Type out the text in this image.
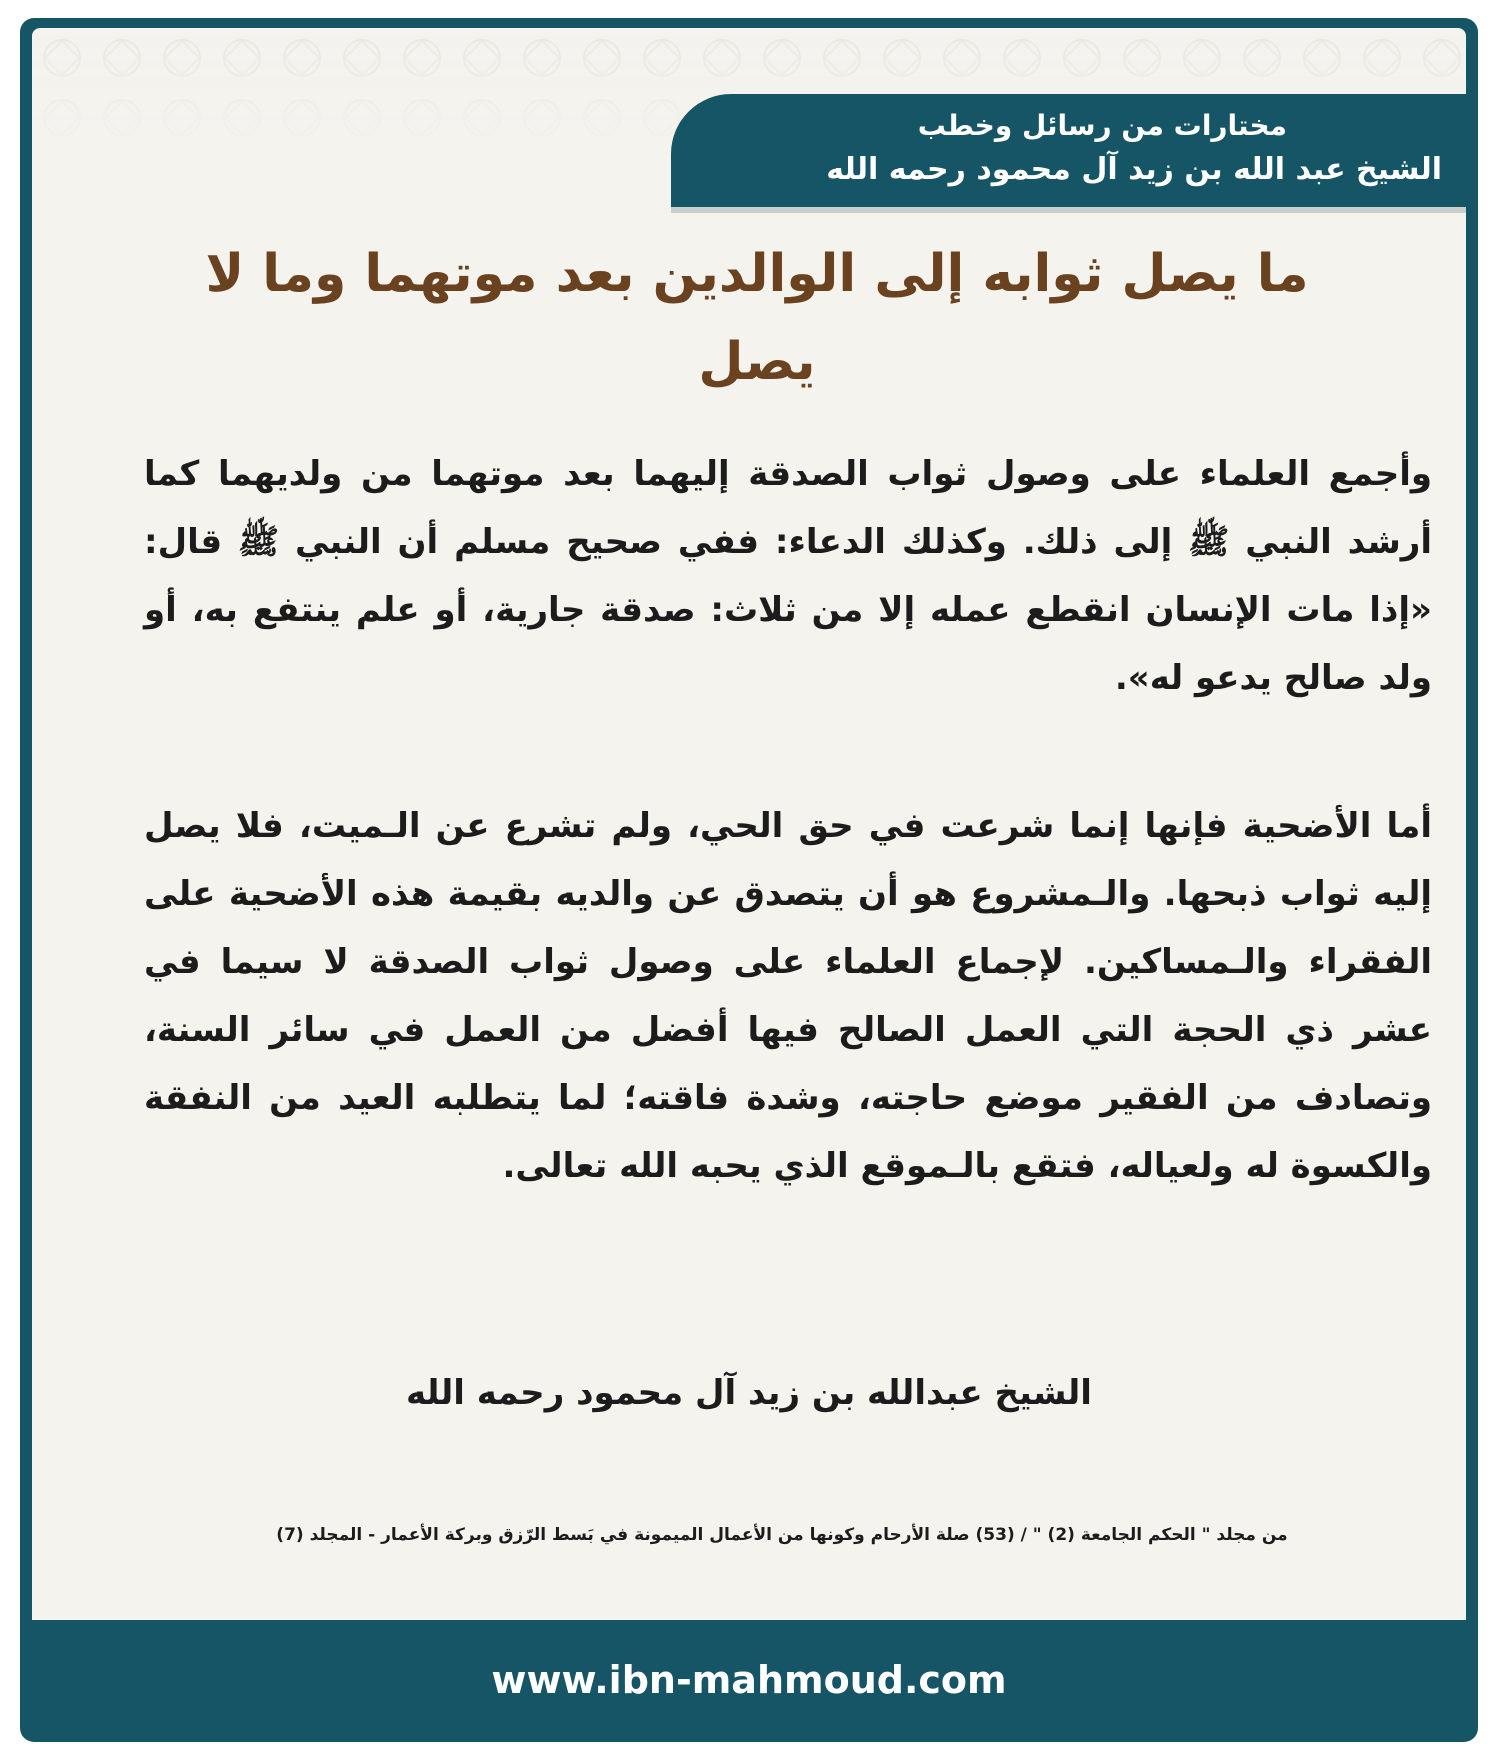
مختارات من رسائل وخطب
الشيخ عبد الله بن زيد آل محمود رحمه الله
ما يصل ثوابه إلى الوالدين بعد موتهما وما لا يصل

وأجمع العلماء على وصول ثواب الصدقة إليهما بعد موتهما من ولديهما كما أرشد النبي ﷺ إلى ذلك. وكذلك الدعاء: ففي صحيح مسلم أن النبي ﷺ قال: «إذا مات الإنسان انقطع عمله إلا من ثلاث: صدقة جارية، أو علم ينتفع به، أو ولد صالح يدعو له».

أما الأضحية فإنها إنما شرعت في حق الحي، ولم تشرع عن الـميت، فلا يصل إليه ثواب ذبحها. والـمشروع هو أن يتصدق عن والديه بقيمة هذه الأضحية على الفقراء والـمساكين. لإجماع العلماء على وصول ثواب الصدقة لا سيما في عشر ذي الحجة التي العمل الصالح فيها أفضل من العمل في سائر السنة، وتصادف من الفقير موضع حاجته، وشدة فاقته؛ لما يتطلبه العيد من النفقة والكسوة له ولعياله، فتقع بالـموقع الذي يحبه الله تعالى.

الشيخ عبدالله بن زيد آل محمود رحمه الله
من مجلد " الحكم الجامعة (2) " / (53) صلة الأرحام وكونها من الأعمال الميمونة في بَسط الرّزق وبركة الأعمار - المجلد (7)
www.ibn-mahmoud.com
